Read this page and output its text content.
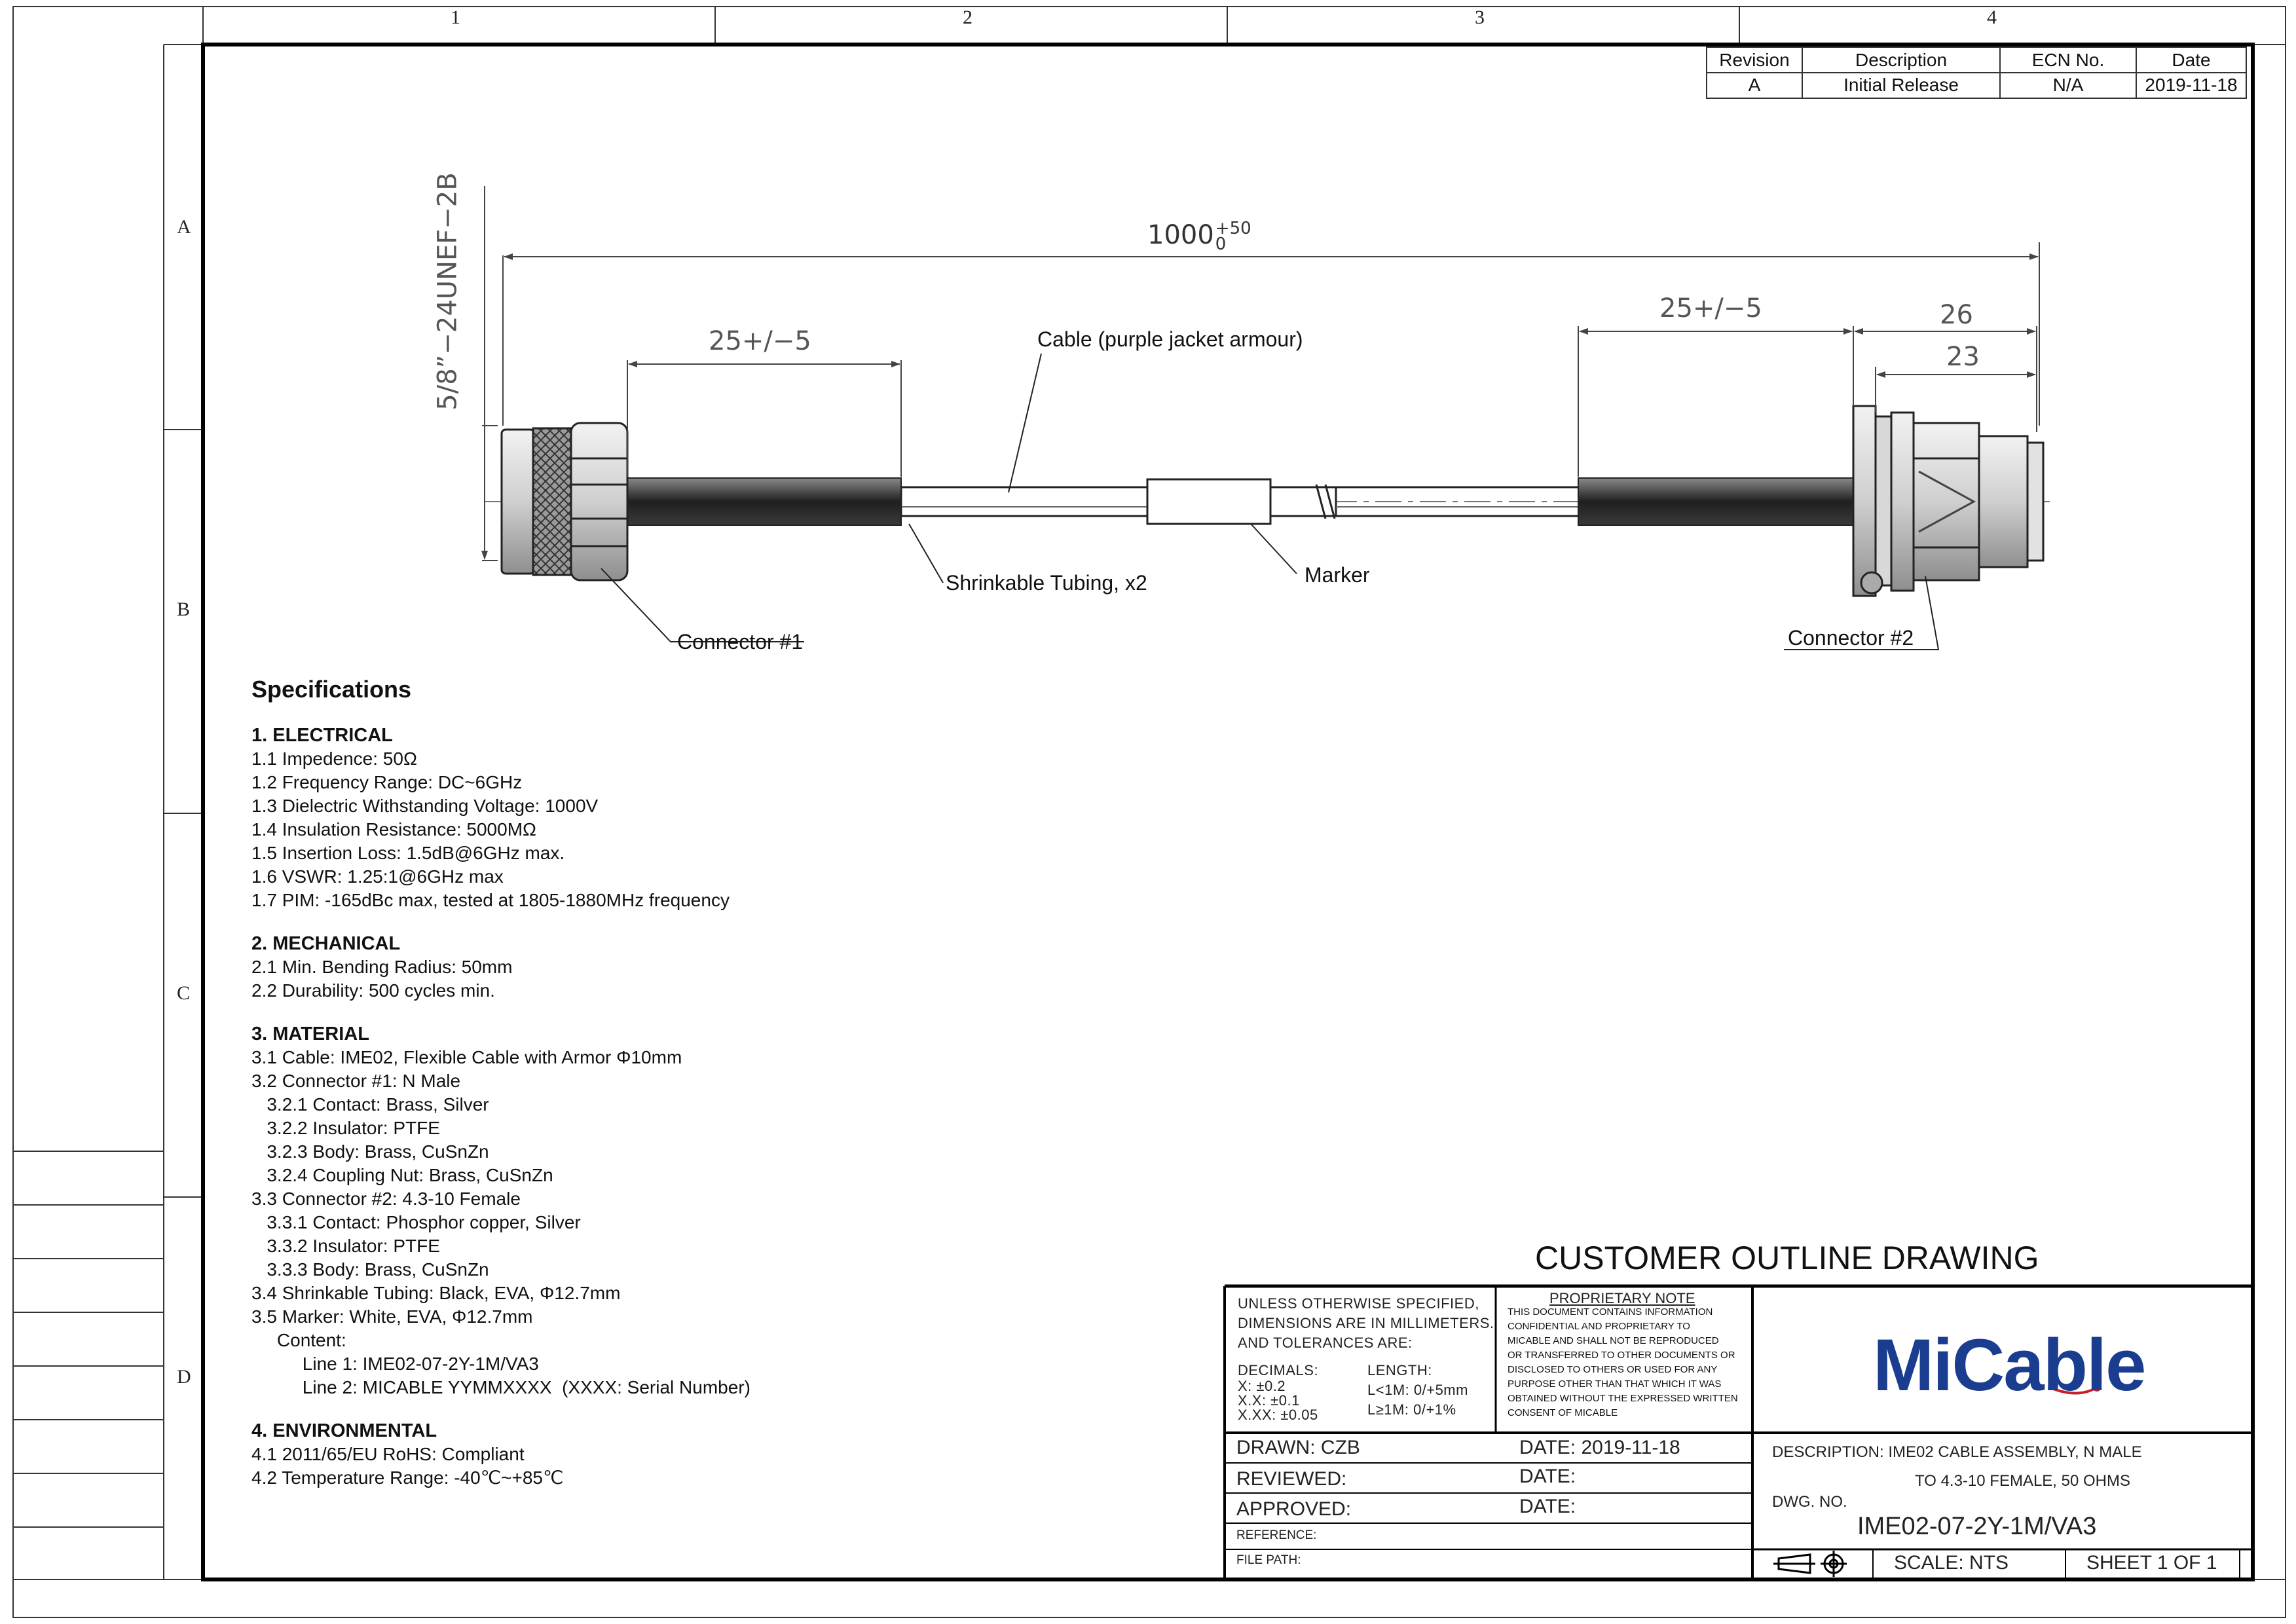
1	2	3	4
A
B
C
D
Revision	Description	ECN No.	Date
A	Initial Release	N/A	2019-11-18
1000 +50
0
5/8”−24UNEF−2B	25+/−5
25+/−5	26
23
Cable (purple jacket armour)
Shrinkable Tubing, x2	Marker
Connector #1	Connector #2
Specifications
1. ELECTRICAL
1.1 Impedence: 50Ω
1.2 Frequency Range: DC~6GHz
1.3 Dielectric Withstanding Voltage: 1000V
1.4 Insulation Resistance: 5000MΩ
1.5 Insertion Loss: 1.5dB@6GHz max.
1.6 VSWR: 1.25:1@6GHz max
1.7 PIM: -165dBc max, tested at 1805-1880MHz frequency
2. MECHANICAL
2.1 Min. Bending Radius: 50mm
2.2 Durability: 500 cycles min.
3. MATERIAL
3.1 Cable: IME02, Flexible Cable with Armor Φ10mm
3.2 Connector #1: N Male
3.2.1 Contact: Brass, Silver
3.2.2 Insulator: PTFE
3.2.3 Body: Brass, CuSnZn
3.2.4 Coupling Nut: Brass, CuSnZn
3.3 Connector #2: 4.3-10 Female
3.3.1 Contact: Phosphor copper, Silver
3.3.2 Insulator: PTFE
3.3.3 Body: Brass, CuSnZn
3.4 Shrinkable Tubing: Black, EVA, Φ12.7mm
3.5 Marker: White, EVA, Φ12.7mm
Content:
Line 1: IME02-07-2Y-1M/VA3
Line 2: MICABLE YYMMXXXX  (XXXX: Serial Number)
4. ENVIRONMENTAL
4.1 2011/65/EU RoHS: Compliant
4.2 Temperature Range: -40℃~+85℃
CUSTOMER OUTLINE DRAWING
UNLESS OTHERWISE SPECIFIED,
DIMENSIONS ARE IN MILLIMETERS.
AND TOLERANCES ARE:
DECIMALS:
X: ±0.2
X.X: ±0.1
X.XX: ±0.05
LENGTH:
L<1M: 0/+5mm
L≥1M: 0/+1%
PROPRIETARY NOTE
THIS DOCUMENT CONTAINS INFORMATION
CONFIDENTIAL AND PROPRIETARY TO
MICABLE AND SHALL NOT BE REPRODUCED
OR TRANSFERRED TO OTHER DOCUMENTS OR
DISCLOSED TO OTHERS OR USED FOR ANY
PURPOSE OTHER THAN THAT WHICH IT WAS
OBTAINED WITHOUT THE EXPRESSED WRITTEN
CONSENT OF MICABLE
MiCable
DRAWN: CZB	DATE: 2019-11-18
REVIEWED:	DATE:
APPROVED:	DATE:
REFERENCE:
FILE PATH:
DESCRIPTION: IME02 CABLE ASSEMBLY, N MALE
TO 4.3-10 FEMALE, 50 OHMS
DWG. NO.
IME02-07-2Y-1M/VA3
SCALE: NTS	SHEET 1 OF 1
